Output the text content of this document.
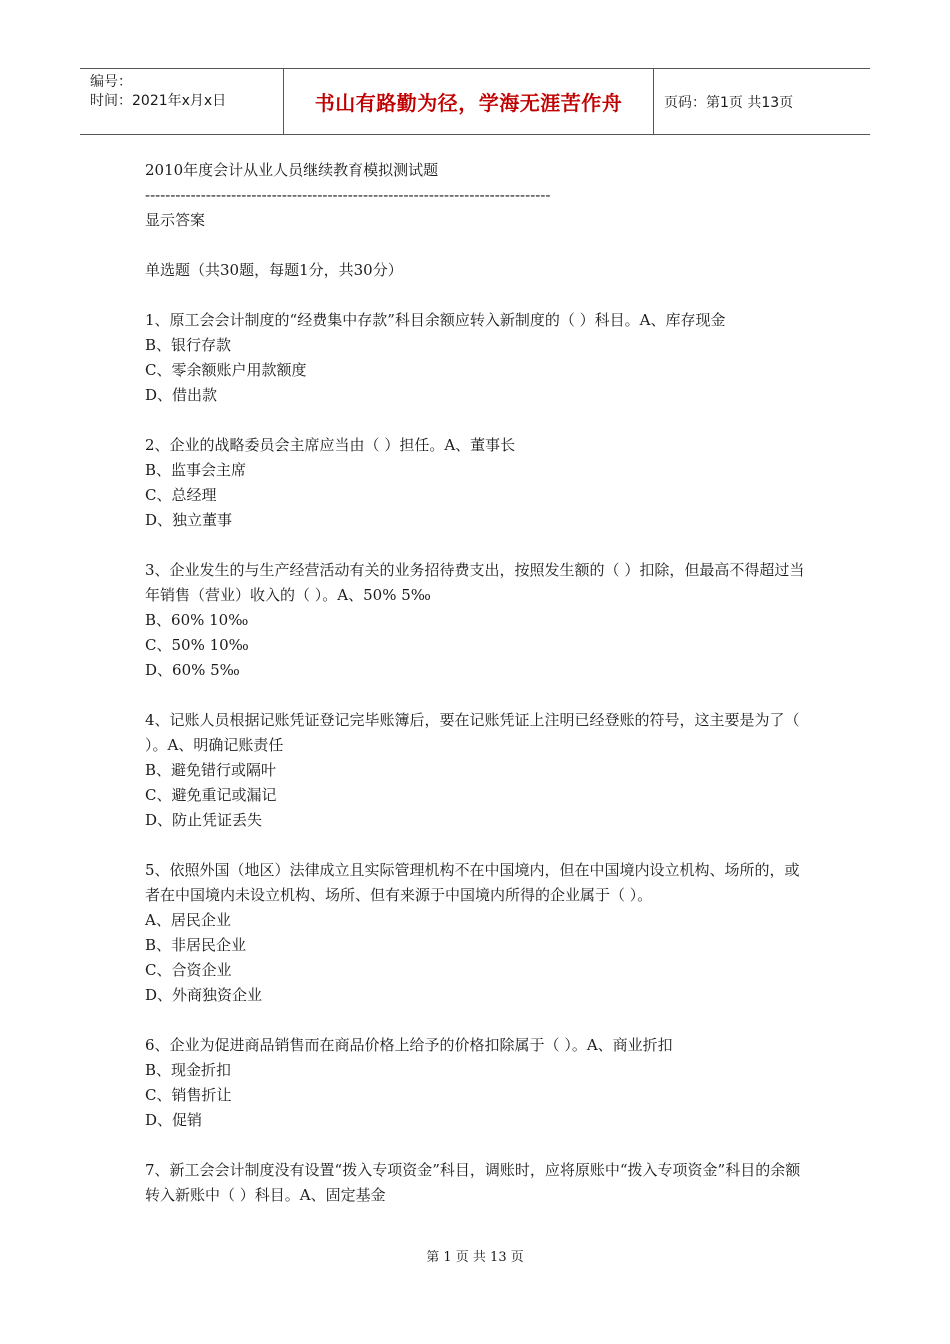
编号：
时间：2021年x月x日	书山有路勤为径，学海无涯苦作舟	页码：第1页 共13页

2010年度会计从业人员继续教育模拟测试题

--------------------------------------------------------------------------------

显示答案

单选题（共30题，每题1分，共30分）

1、原工会会计制度的“经费集中存款”科目余额应转入新制度的（ ）科目。A、库存现金

B、银行存款

C、零余额账户用款额度

D、借出款

2、企业的战略委员会主席应当由（ ）担任。A、董事长

B、监事会主席

C、总经理

D、独立董事

3、企业发生的与生产经营活动有关的业务招待费支出，按照发生额的（ ）扣除，但最高不得超过当年销售（营业）收入的（ ）。A、50% 5‰

B、60% 10‰

C、50% 10‰

D、60% 5‰

4、记账人员根据记账凭证登记完毕账簿后，要在记账凭证上注明已经登账的符号，这主要是为了（ ）。A、明确记账责任

B、避免错行或隔叶

C、避免重记或漏记

D、防止凭证丢失

5、依照外国（地区）法律成立且实际管理机构不在中国境内，但在中国境内设立机构、场所的，或者在中国境内未设立机构、场所、但有来源于中国境内所得的企业属于（ ）。

A、居民企业

B、非居民企业

C、合资企业

D、外商独资企业

6、企业为促进商品销售而在商品价格上给予的价格扣除属于（ ）。A、商业折扣

B、现金折扣

C、销售折让

D、促销

7、新工会会计制度没有设置“拨入专项资金”科目，调账时，应将原账中“拨入专项资金”科目的余额转入新账中（ ）科目。A、固定基金

第 1 页 共 13 页
